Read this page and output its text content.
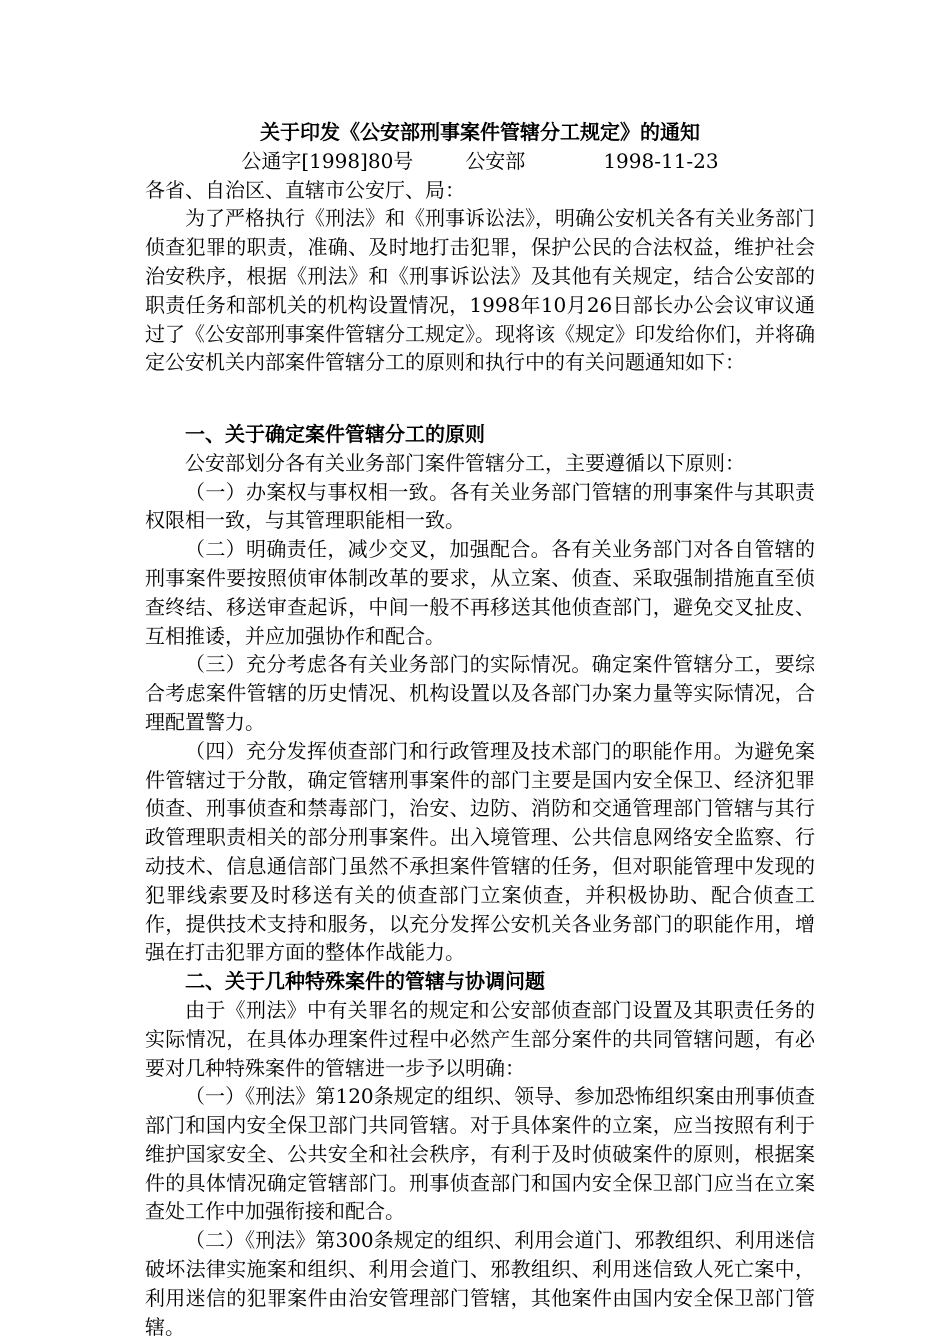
关于印发《公安部刑事案件管辖分工规定》的通知

公通字[1998]80号	公安部	1998-11-23

各省、自治区、直辖市公安厅、局：

为了严格执行《刑法》和《刑事诉讼法》，明确公安机关各有关业务部门侦查犯罪的职责，准确、及时地打击犯罪，保护公民的合法权益，维护社会治安秩序，根据《刑法》和《刑事诉讼法》及其他有关规定，结合公安部的职责任务和部机关的机构设置情况，1998年10月26日部长办公会议审议通过了《公安部刑事案件管辖分工规定》。现将该《规定》印发给你们，并将确定公安机关内部案件管辖分工的原则和执行中的有关问题通知如下：

一、关于确定案件管辖分工的原则

公安部划分各有关业务部门案件管辖分工，主要遵循以下原则：

（一）办案权与事权相一致。各有关业务部门管辖的刑事案件与其职责权限相一致，与其管理职能相一致。

（二）明确责任，减少交叉，加强配合。各有关业务部门对各自管辖的刑事案件要按照侦审体制改革的要求，从立案、侦查、采取强制措施直至侦查终结、移送审查起诉，中间一般不再移送其他侦查部门，避免交叉扯皮、互相推诿，并应加强协作和配合。

（三）充分考虑各有关业务部门的实际情况。确定案件管辖分工，要综合考虑案件管辖的历史情况、机构设置以及各部门办案力量等实际情况，合理配置警力。

（四）充分发挥侦查部门和行政管理及技术部门的职能作用。为避免案件管辖过于分散，确定管辖刑事案件的部门主要是国内安全保卫、经济犯罪侦查、刑事侦查和禁毒部门，治安、边防、消防和交通管理部门管辖与其行政管理职责相关的部分刑事案件。出入境管理、公共信息网络安全监察、行动技术、信息通信部门虽然不承担案件管辖的任务，但对职能管理中发现的犯罪线索要及时移送有关的侦查部门立案侦查，并积极协助、配合侦查工作，提供技术支持和服务，以充分发挥公安机关各业务部门的职能作用，增强在打击犯罪方面的整体作战能力。

二、关于几种特殊案件的管辖与协调问题

由于《刑法》中有关罪名的规定和公安部侦查部门设置及其职责任务的实际情况，在具体办理案件过程中必然产生部分案件的共同管辖问题，有必要对几种特殊案件的管辖进一步予以明确：

（一）《刑法》第120条规定的组织、领导、参加恐怖组织案由刑事侦查部门和国内安全保卫部门共同管辖。对于具体案件的立案，应当按照有利于维护国家安全、公共安全和社会秩序，有利于及时侦破案件的原则，根据案件的具体情况确定管辖部门。刑事侦查部门和国内安全保卫部门应当在立案查处工作中加强衔接和配合。

（二）《刑法》第300条规定的组织、利用会道门、邪教组织、利用迷信破坏法律实施案和组织、利用会道门、邪教组织、利用迷信致人死亡案中，利用迷信的犯罪案件由治安管理部门管辖，其他案件由国内安全保卫部门管辖。
